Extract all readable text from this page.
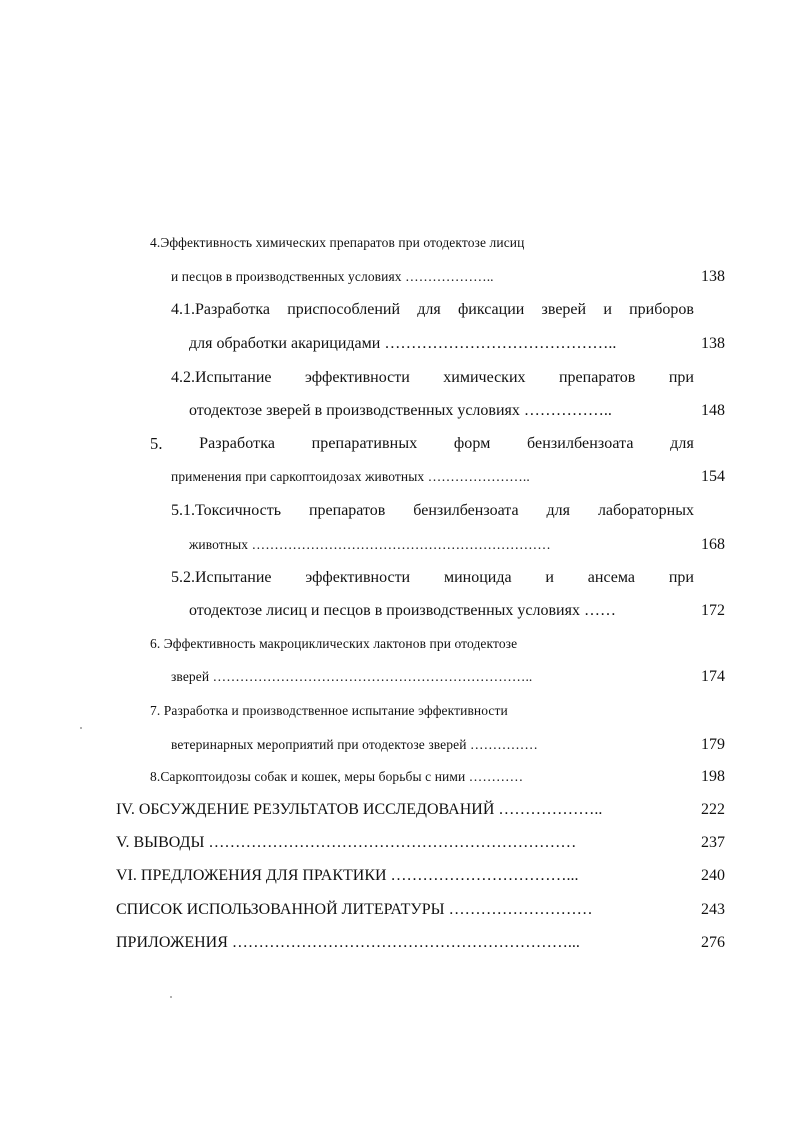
4.Эффективность химических препаратов при отодектозе лисиц
и песцов в производственных условиях ………………..	138
4.1.Разработка приспособлений для фиксации зверей и приборов
для обработки акарицидами ……………………………………..	138
4.2.Испытание эффективности химических препаратов при
отодектозе зверей в производственных условиях ……………..	148
5. Разработка препаративных форм бензилбензоата для
применения при саркоптоидозах животных …………………..	154
5.1.Токсичность препаратов бензилбензоата для лабораторных
животных …………………………………………………………	168
5.2.Испытание эффективности миноцида и ансема при
отодектозе лисиц и песцов в производственных условиях ……	172
6. Эффективность макроциклических лактонов при отодектозе
зверей ……………………………………………………………..	174
7. Разработка и производственное испытание эффективности
ветеринарных мероприятий при отодектозе зверей ……………	179
8.Саркоптоидозы собак и кошек, меры борьбы с ними …………	198
IV. ОБСУЖДЕНИЕ РЕЗУЛЬТАТОВ ИССЛЕДОВАНИЙ ………………..	222
V. ВЫВОДЫ ……………………………………………………………	237
VI. ПРЕДЛОЖЕНИЯ ДЛЯ ПРАКТИКИ ……………………………...	240
СПИСОК ИСПОЛЬЗОВАННОЙ ЛИТЕРАТУРЫ ………………………	243
ПРИЛОЖЕНИЯ ………………………………………………………...	276
